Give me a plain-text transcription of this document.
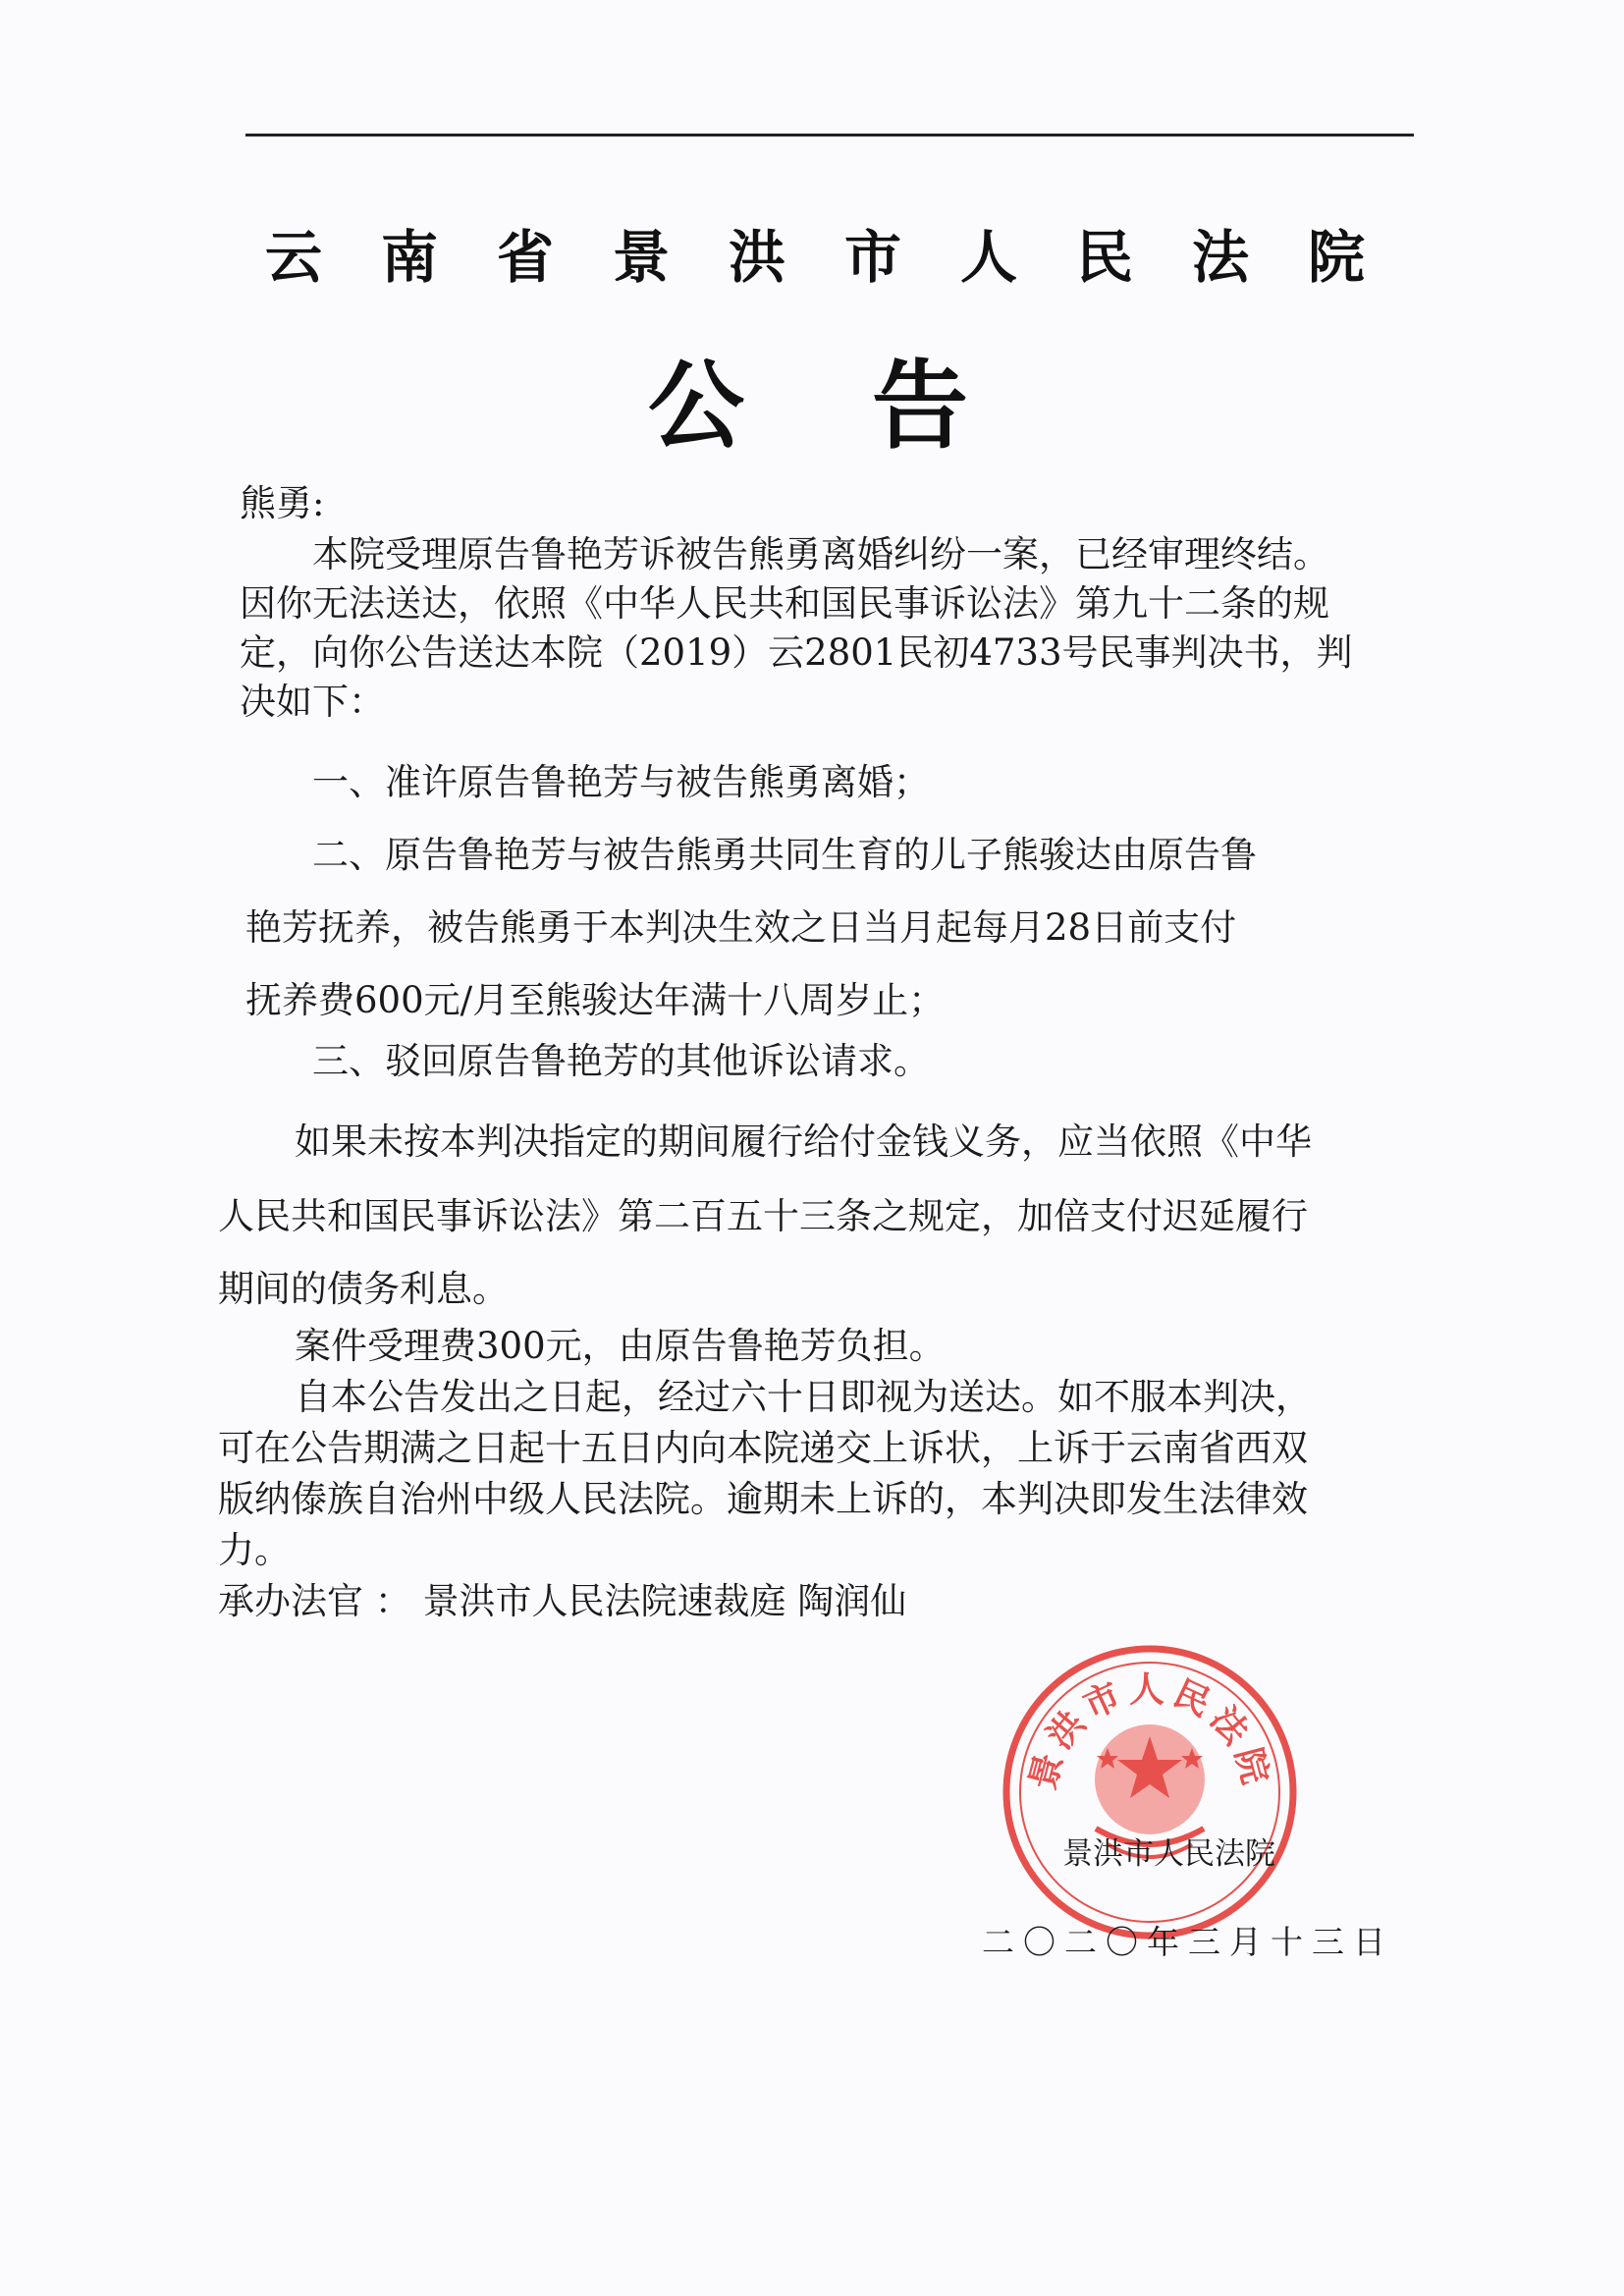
云南省景洪市人民法院
公告
熊勇:
本院受理原告鲁艳芳诉被告熊勇离婚纠纷一案，已经审理终结。
因你无法送达，依照《中华人民共和国民事诉讼法》第九十二条的规
定，向你公告送达本院（2019）云2801民初4733号民事判决书，判
决如下：
一、准许原告鲁艳芳与被告熊勇离婚；
二、原告鲁艳芳与被告熊勇共同生育的儿子熊骏达由原告鲁
艳芳抚养，被告熊勇于本判决生效之日当月起每月28日前支付
抚养费600元/月至熊骏达年满十八周岁止；
三、驳回原告鲁艳芳的其他诉讼请求。
如果未按本判决指定的期间履行给付金钱义务，应当依照《中华
人民共和国民事诉讼法》第二百五十三条之规定，加倍支付迟延履行
期间的债务利息。
案件受理费300元，由原告鲁艳芳负担。
自本公告发出之日起，经过六十日即视为送达。如不服本判决，
可在公告期满之日起十五日内向本院递交上诉状，上诉于云南省西双
版纳傣族自治州中级人民法院。逾期未上诉的，本判决即发生法律效
力。
承办法官 ： 景洪市人民法院速裁庭 陶润仙
景洪市人民法院
景洪市人民法院
二〇二〇年三月十三日
